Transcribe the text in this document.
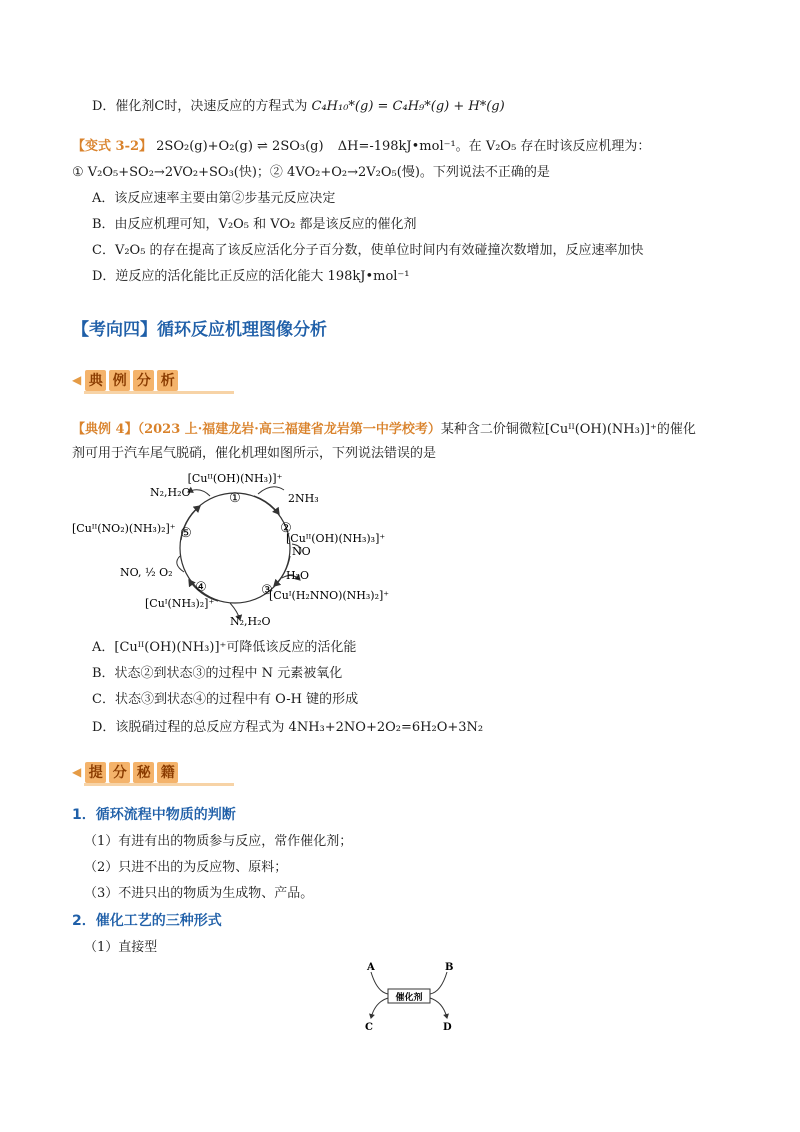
D．催化剂C时，决速反应的方程式为 C₄H₁₀*(g) = C₄H₉*(g) + H*(g)
【变式 3-2】 2SO₂(g)+O₂(g) ⇌ 2SO₃(g) ΔH=-198kJ•mol⁻¹。在 V₂O₅ 存在时该反应机理为：
① V₂O₅+SO₂→2VO₂+SO₃(快)；② 4VO₂+O₂→2V₂O₅(慢)。下列说法不正确的是
A．该反应速率主要由第②步基元反应决定
B．由反应机理可知，V₂O₅ 和 VO₂ 都是该反应的催化剂
C．V₂O₅ 的存在提高了该反应活化分子百分数，使单位时间内有效碰撞次数增加，反应速率加快
D．逆反应的活化能比正反应的活化能大 198kJ•mol⁻¹
【考向四】循环反应机理图像分析
◀ 典 例 分 析
【典例 4】（2023 上·福建龙岩·高三福建省龙岩第一中学校考）某种含二价铜微粒[Cuᴵᴵ(OH)(NH₃)]⁺的催化
剂可用于汽车尾气脱硝，催化机理如图所示，下列说法错误的是
①
②
③
④
⑤
[Cuᴵᴵ(OH)(NH₃)]⁺
[Cuᴵᴵ(OH)(NH₃)₃]⁺
[Cuᴵ(H₂NNO)(NH₃)₂]⁺
[Cuᴵ(NH₃)₂]⁺
[Cuᴵᴵ(NO₂)(NH₃)₂]⁺
2NH₃
NO
H₂O
N₂,H₂O
N₂,H₂O
NO, ½ O₂
A．[Cuᴵᴵ(OH)(NH₃)]⁺可降低该反应的活化能
B．状态②到状态③的过程中 N 元素被氧化
C．状态③到状态④的过程中有 O-H 键的形成
D．该脱硝过程的总反应方程式为 4NH₃+2NO+2O₂=6H₂O+3N₂
◀ 提 分 秘 籍
1．循环流程中物质的判断
（1）有进有出的物质参与反应，常作催化剂；
（2）只进不出的为反应物、原料；
（3）不进只出的物质为生成物、产品。
2．催化工艺的三种形式
（1）直接型
催化剂
A	B
C	D
